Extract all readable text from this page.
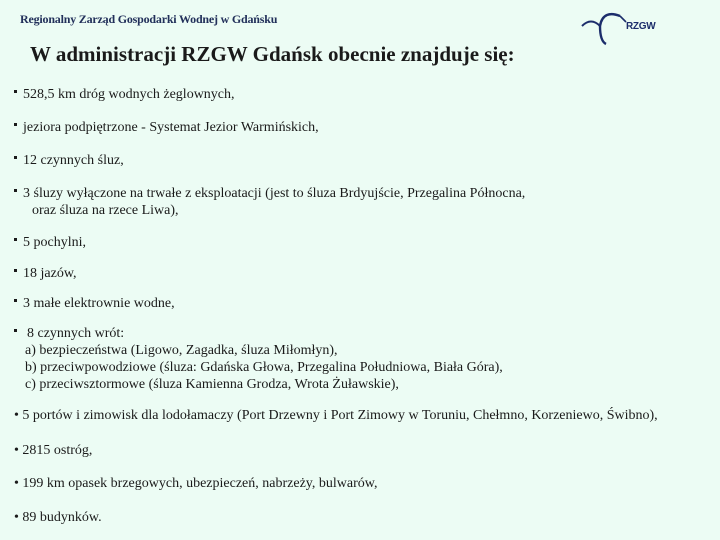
Regionalny Zarząd Gospodarki Wodnej w Gdańsku
RZGW
W administracji RZGW Gdańsk obecnie znajduje się:
528,5 km dróg wodnych żeglownych,
jeziora podpiętrzone - Systemat Jezior Warmińskich,
12 czynnych śluz,
3 śluzy wyłączone na trwałe z eksploatacji (jest to śluza Brdyujście, Przegalina Północna,
oraz śluza na rzece Liwa),
5 pochylni,
18 jazów,
3 małe elektrownie wodne,
8 czynnych wrót:
a) bezpieczeństwa (Ligowo, Zagadka, śluza Miłomłyn),
b) przeciwpowodziowe (śluza: Gdańska Głowa, Przegalina Południowa, Biała Góra),
c) przeciwsztormowe (śluza Kamienna Grodza, Wrota Żuławskie),
• 5 portów i zimowisk dla lodołamaczy (Port Drzewny i Port Zimowy w Toruniu, Chełmno, Korzeniewo, Świbno),
• 2815 ostróg,
• 199 km opasek brzegowych, ubezpieczeń, nabrzeży, bulwarów,
• 89 budynków.
